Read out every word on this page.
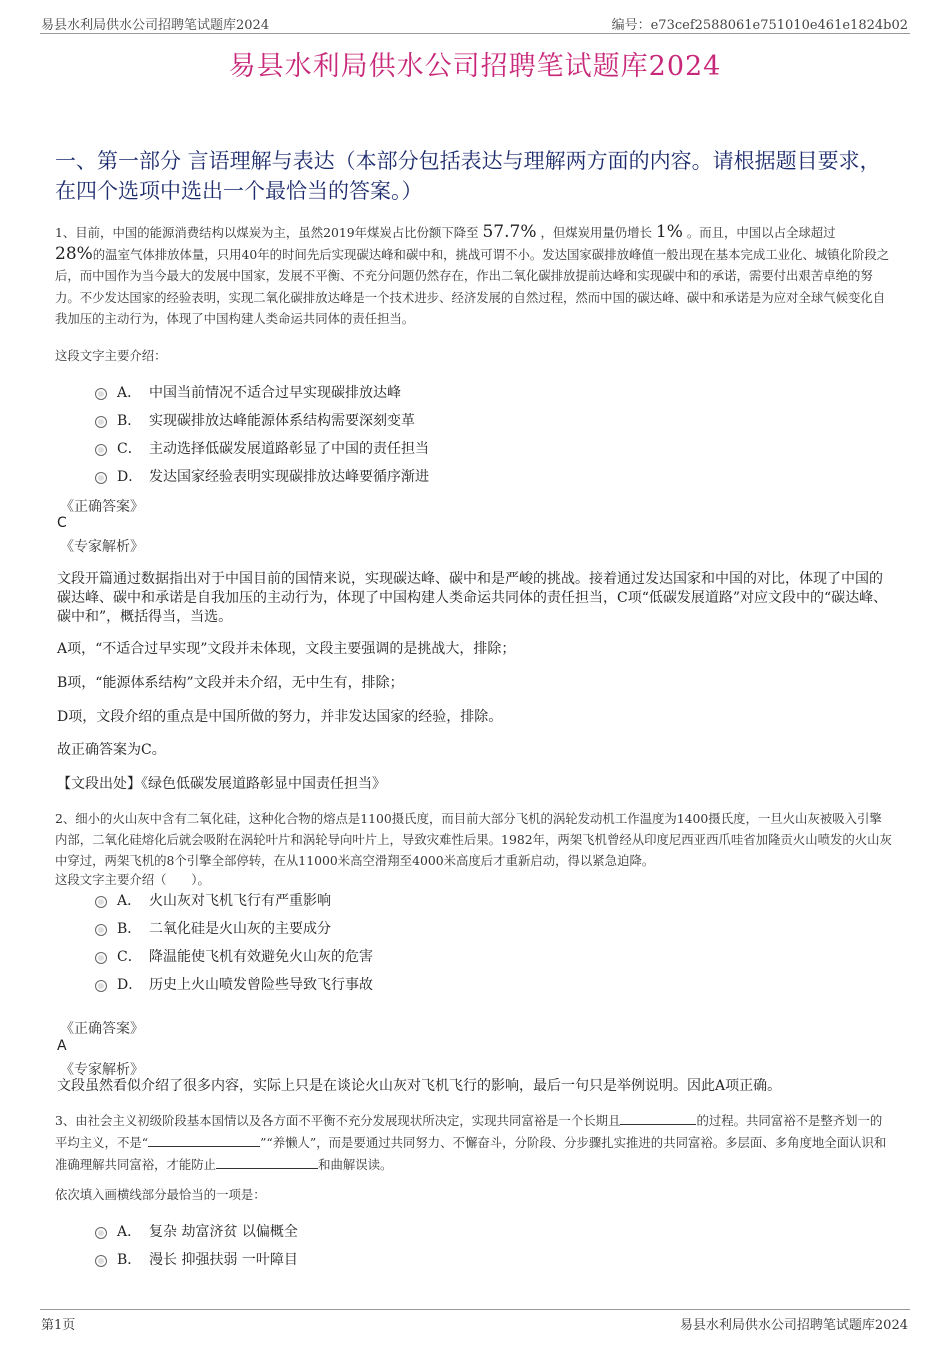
易县水利局供水公司招聘笔试题库2024	编号：e73cef2588061e751010e461e1824b02
易县水利局供水公司招聘笔试题库2024
一、第一部分 言语理解与表达（本部分包括表达与理解两方面的内容。请根据题目要求，在四个选项中选出一个最恰当的答案。）
1、目前，中国的能源消费结构以煤炭为主，虽然2019年煤炭占比份额下降至 57.7% ，但煤炭用量仍增长 1% 。而且，中国以占全球超过
28%的温室气体排放体量，只用40年的时间先后实现碳达峰和碳中和，挑战可谓不小。发达国家碳排放峰值一般出现在基本完成工业化、城镇化阶段之后，而中国作为当今最大的发展中国家，发展不平衡、不充分问题仍然存在，作出二氧化碳排放提前达峰和实现碳中和的承诺，需要付出艰苦卓绝的努力。不少发达国家的经验表明，实现二氧化碳排放达峰是一个技术进步、经济发展的自然过程，然而中国的碳达峰、碳中和承诺是为应对全球气候变化自我加压的主动行为，体现了中国构建人类命运共同体的责任担当。
这段文字主要介绍：
A． 中国当前情况不适合过早实现碳排放达峰
B． 实现碳排放达峰能源体系结构需要深刻变革
C． 主动选择低碳发展道路彰显了中国的责任担当
D． 发达国家经验表明实现碳排放达峰要循序渐进
《正确答案》
C
《专家解析》
文段开篇通过数据指出对于中国目前的国情来说，实现碳达峰、碳中和是严峻的挑战。接着通过发达国家和中国的对比，体现了中国的碳达峰、碳中和承诺是自我加压的主动行为，体现了中国构建人类命运共同体的责任担当，C项“低碳发展道路”对应文段中的“碳达峰、碳中和”，概括得当，当选。
A项，“不适合过早实现”文段并未体现，文段主要强调的是挑战大，排除；
B项，“能源体系结构”文段并未介绍，无中生有，排除；
D项，文段介绍的重点是中国所做的努力，并非发达国家的经验，排除。
故正确答案为C。
【文段出处】《绿色低碳发展道路彰显中国责任担当》
2、细小的火山灰中含有二氧化硅，这种化合物的熔点是1100摄氏度，而目前大部分飞机的涡轮发动机工作温度为1400摄氏度，一旦火山灰被吸入引擎内部，二氧化硅熔化后就会吸附在涡轮叶片和涡轮导向叶片上，导致灾难性后果。1982年，两架飞机曾经从印度尼西亚西爪哇省加隆贡火山喷发的火山灰中穿过，两架飞机的8个引擎全部停转，在从11000米高空滑翔至4000米高度后才重新启动，得以紧急迫降。
这段文字主要介绍（　　）。
A． 火山灰对飞机飞行有严重影响
B． 二氧化硅是火山灰的主要成分
C． 降温能使飞机有效避免火山灰的危害
D． 历史上火山喷发曾险些导致飞行事故
《正确答案》
A
《专家解析》
文段虽然看似介绍了很多内容，实际上只是在谈论火山灰对飞机飞行的影响，最后一句只是举例说明。因此A项正确。
3、由社会主义初级阶段基本国情以及各方面不平衡不充分发展现状所决定，实现共同富裕是一个长期且	的过程。共同富裕不是整齐划一的平均主义，不是“	”“养懒人”，而是要通过共同努力、不懈奋斗，分阶段、分步骤扎实推进的共同富裕。多层面、多角度地全面认识和准确理解共同富裕，才能防止	和曲解误读。
依次填入画横线部分最恰当的一项是：
A． 复杂 劫富济贫 以偏概全
B． 漫长 抑强扶弱 一叶障目
第1页	易县水利局供水公司招聘笔试题库2024
